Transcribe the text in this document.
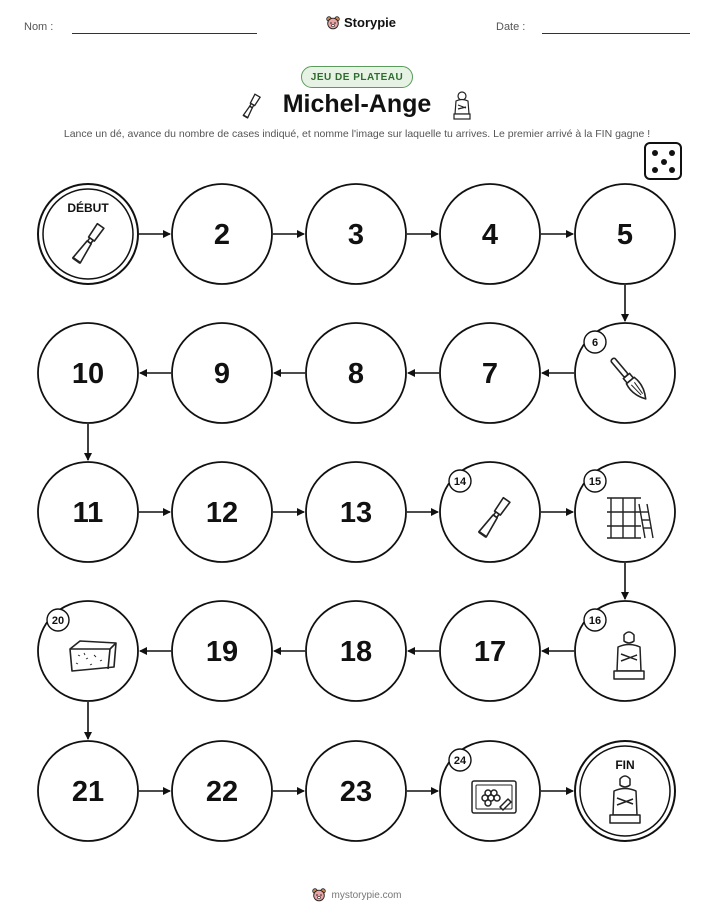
Nom :	Storypie	Date :
JEU DE PLATEAU
Michel-Ange
Lance un dé, avance du nombre de cases indiqué, et nomme l'image sur laquelle tu arrives. Le premier arrivé à la FIN gagne !
DÉBUT
2	3	4	5
6
7
8
9
10
11	12	13
14	15
16
17
18
19
20
21	22	23
24	FIN
mystorypie.com
